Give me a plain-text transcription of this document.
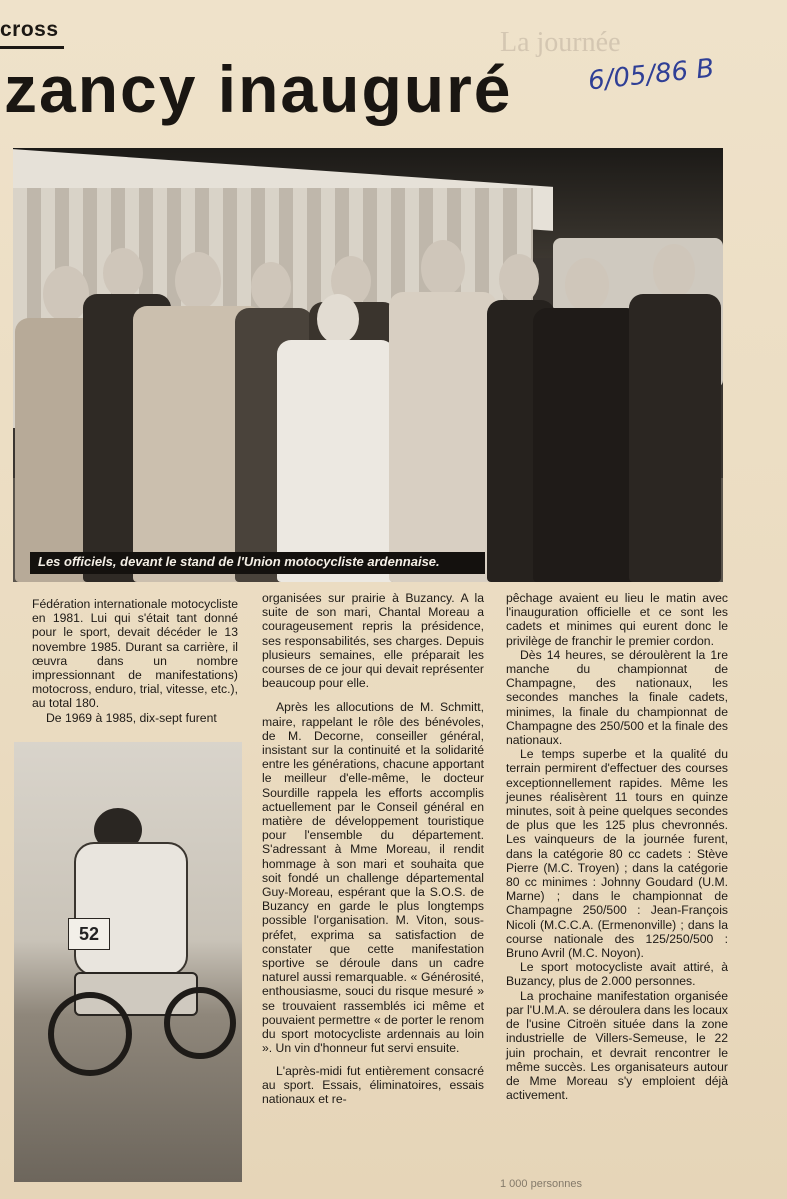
La journée
cross
zancy inauguré	6/05/86 B
Les officiels, devant le stand de l'Union motocycliste ardennaise.

Fédération internationale motocycliste en 1981. Lui qui s'était tant donné pour le sport, devait décéder le 13 novembre 1985. Durant sa carrière, il œuvra dans un nombre impressionnant de manifestations) motocross, enduro, trial, vitesse, etc.), au total 180.

De 1969 à 1985, dix-sept furent

52

organisées sur prairie à Buzancy. A la suite de son mari, Chantal Moreau a courageusement repris la présidence, ses responsabilités, ses charges. Depuis plusieurs semaines, elle préparait les courses de ce jour qui devait représenter beaucoup pour elle.

Après les allocutions de M. Schmitt, maire, rappelant le rôle des bénévoles, de M. Decorne, conseiller général, insistant sur la continuité et la solidarité entre les générations, chacune apportant le meilleur d'elle-même, le docteur Sourdille rappela les efforts accomplis actuellement par le Conseil général en matière de développement touristique pour l'ensemble du département. S'adressant à Mme Moreau, il rendit hommage à son mari et souhaita que soit fondé un challenge départemental Guy-Moreau, espérant que la S.O.S. de Buzancy en garde le plus longtemps possible l'organisation. M. Viton, sous-préfet, exprima sa satisfaction de constater que cette manifestation sportive se déroule dans un cadre naturel aussi remarquable. « Générosité, enthousiasme, souci du risque mesuré » se trouvaient rassemblés ici même et pouvaient permettre « de porter le renom du sport motocycliste ardennais au loin ». Un vin d'honneur fut servi ensuite.

L'après-midi fut entièrement consacré au sport. Essais, éliminatoires, essais nationaux et re-

pêchage avaient eu lieu le matin avec l'inauguration officielle et ce sont les cadets et minimes qui eurent donc le privilège de franchir le premier cordon.

Dès 14 heures, se déroulèrent la 1re manche du championnat de Champagne, des nationaux, les secondes manches la finale cadets, minimes, la finale du championnat de Champagne des 250/500 et la finale des nationaux.

Le temps superbe et la qualité du terrain permirent d'effectuer des courses exceptionnellement rapides. Même les jeunes réalisèrent 11 tours en quinze minutes, soit à peine quelques secondes de plus que les 125 plus chevronnés. Les vainqueurs de la journée furent, dans la catégorie 80 cc cadets : Stève Pierre (M.C. Troyen) ; dans la catégorie 80 cc minimes : Johnny Goudard (U.M. Marne) ; dans le championnat de Champagne 250/500 : Jean-François Nicoli (M.C.C.A. (Ermenonville) ; dans la course nationale des 125/250/500 : Bruno Avril (M.C. Noyon).

Le sport motocycliste avait attiré, à Buzancy, plus de 2.000 personnes.

La prochaine manifestation organisée par l'U.M.A. se déroulera dans les locaux de l'usine Citroën située dans la zone industrielle de Villers-Semeuse, le 22 juin prochain, et devrait rencontrer le même succès. Les organisateurs autour de Mme Moreau s'y emploient déjà activement.

1 000 personnes
